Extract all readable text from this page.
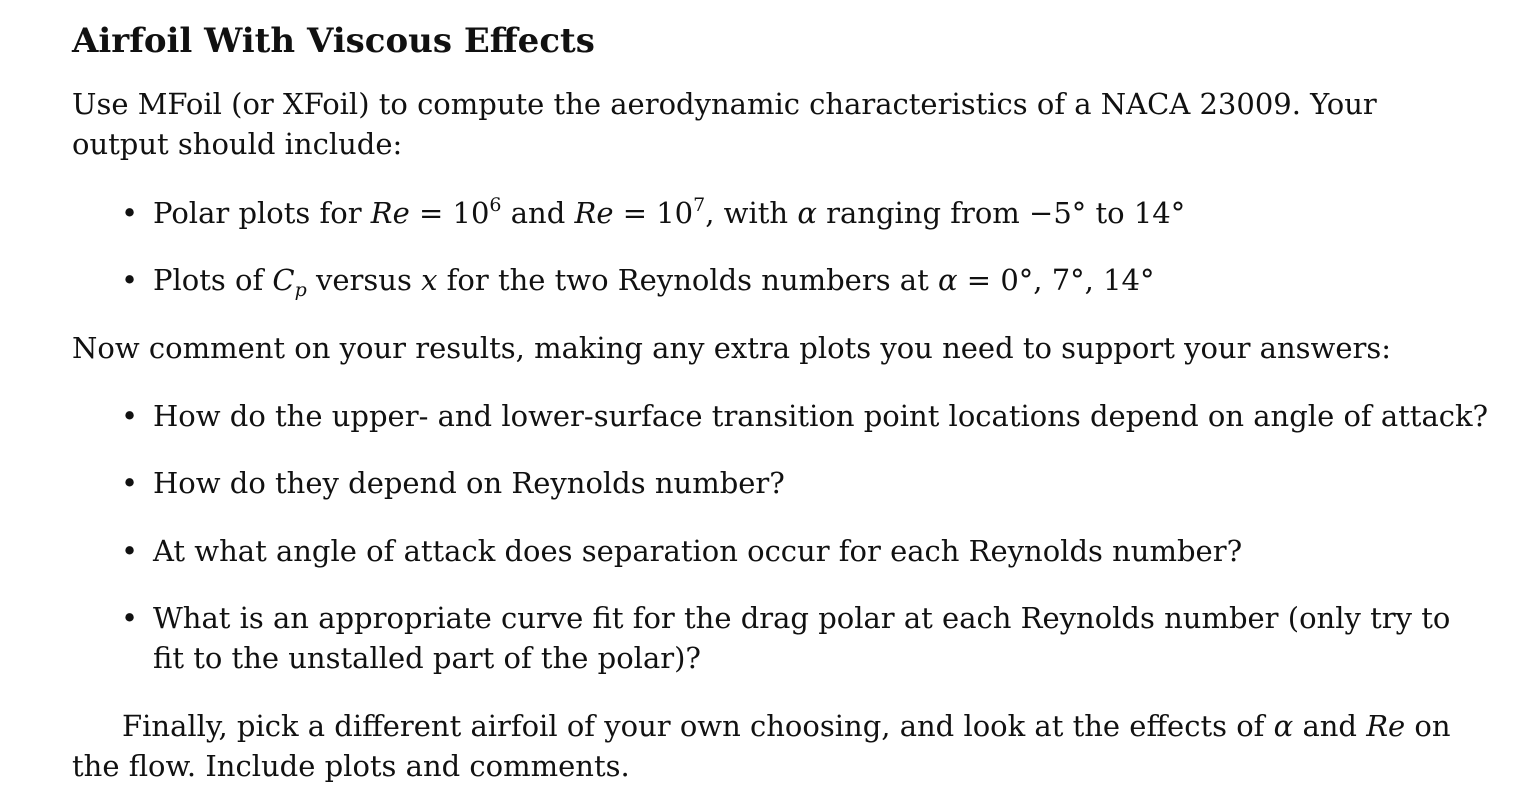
Airfoil With Viscous Effects

Use MFoil (or XFoil) to compute the aerodynamic characteristics of a NACA 23009. Your output should include:

• Polar plots for $Re = 10^6$ and $Re = 10^7$, with α ranging from −5° to 14°
• Plots of $C_p$ versus x for the two Reynolds numbers at α = 0°, 7°, 14°

Now comment on your results, making any extra plots you need to support your answers:

• How do the upper- and lower-surface transition point locations depend on angle of attack?
• How do they depend on Reynolds number?
• At what angle of attack does separation occur for each Reynolds number?
• What is an appropriate curve fit for the drag polar at each Reynolds number (only try to fit to the unstalled part of the polar)?

Finally, pick a different airfoil of your own choosing, and look at the effects of α and Re on the flow. Include plots and comments.
